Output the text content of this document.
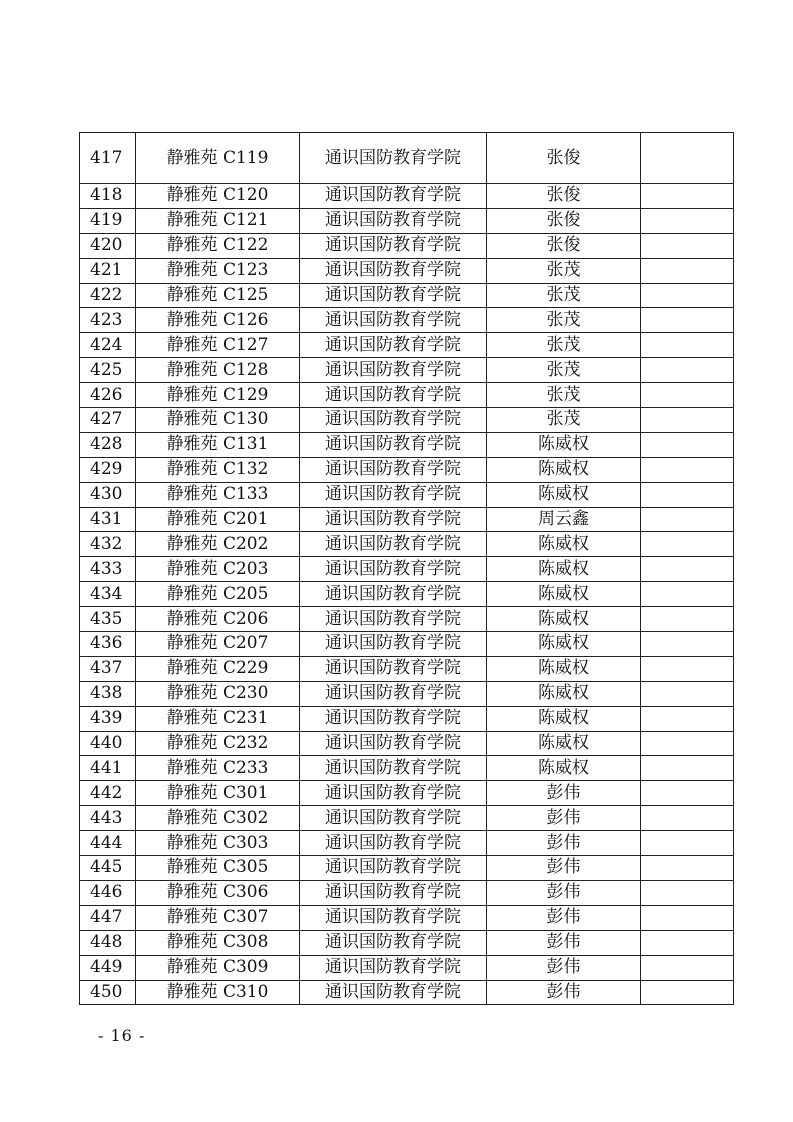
417	静雅苑 C119	通识国防教育学院	张俊	
418	静雅苑 C120	通识国防教育学院	张俊	
419	静雅苑 C121	通识国防教育学院	张俊	
420	静雅苑 C122	通识国防教育学院	张俊	
421	静雅苑 C123	通识国防教育学院	张茂	
422	静雅苑 C125	通识国防教育学院	张茂	
423	静雅苑 C126	通识国防教育学院	张茂	
424	静雅苑 C127	通识国防教育学院	张茂	
425	静雅苑 C128	通识国防教育学院	张茂	
426	静雅苑 C129	通识国防教育学院	张茂	
427	静雅苑 C130	通识国防教育学院	张茂	
428	静雅苑 C131	通识国防教育学院	陈威权	
429	静雅苑 C132	通识国防教育学院	陈威权	
430	静雅苑 C133	通识国防教育学院	陈威权	
431	静雅苑 C201	通识国防教育学院	周云鑫	
432	静雅苑 C202	通识国防教育学院	陈威权	
433	静雅苑 C203	通识国防教育学院	陈威权	
434	静雅苑 C205	通识国防教育学院	陈威权	
435	静雅苑 C206	通识国防教育学院	陈威权	
436	静雅苑 C207	通识国防教育学院	陈威权	
437	静雅苑 C229	通识国防教育学院	陈威权	
438	静雅苑 C230	通识国防教育学院	陈威权	
439	静雅苑 C231	通识国防教育学院	陈威权	
440	静雅苑 C232	通识国防教育学院	陈威权	
441	静雅苑 C233	通识国防教育学院	陈威权	
442	静雅苑 C301	通识国防教育学院	彭伟	
443	静雅苑 C302	通识国防教育学院	彭伟	
444	静雅苑 C303	通识国防教育学院	彭伟	
445	静雅苑 C305	通识国防教育学院	彭伟	
446	静雅苑 C306	通识国防教育学院	彭伟	
447	静雅苑 C307	通识国防教育学院	彭伟	
448	静雅苑 C308	通识国防教育学院	彭伟	
449	静雅苑 C309	通识国防教育学院	彭伟	
450	静雅苑 C310	通识国防教育学院	彭伟	
- 16 -
